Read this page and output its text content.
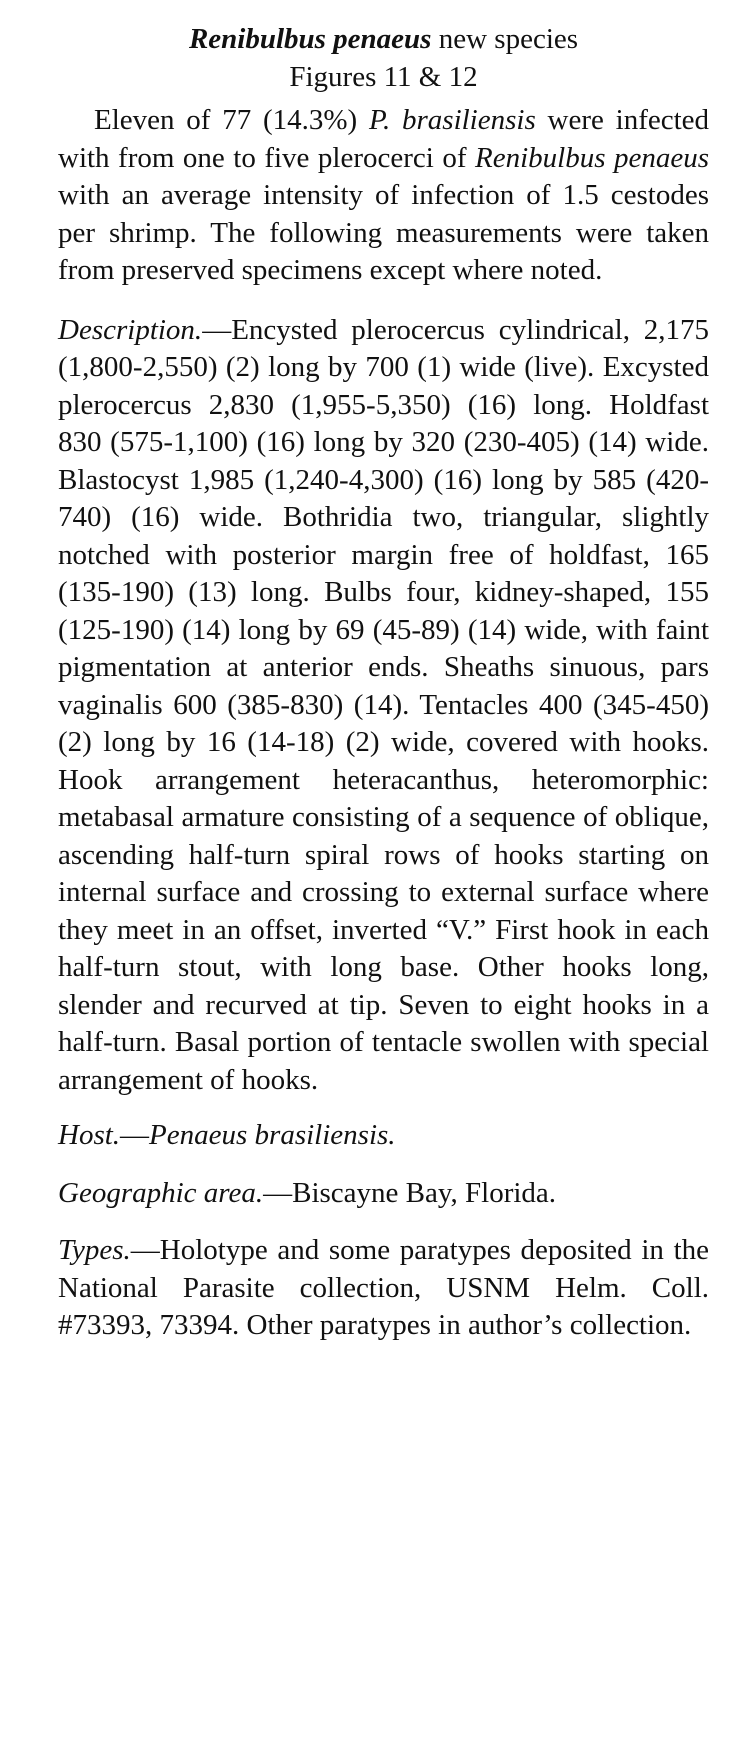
Renibulbus penaeus new species
Figures 11 & 12

Eleven of 77 (14.3%) P. brasiliensis were infected with from one to five plerocerci of Renibulbus penaeus with an average intensity of infection of 1.5 cestodes per shrimp. The following measurements were taken from preserved specimens except where noted.

Description.—Encysted plerocercus cylindrical, 2,175 (1,800-2,550) (2) long by 700 (1) wide (live). Excysted plerocercus 2,830 (1,955-5,350) (16) long. Holdfast 830 (575-1,100) (16) long by 320 (230-405) (14) wide. Blastocyst 1,985 (1,240-4,300) (16) long by 585 (420-740) (16) wide. Bothridia two, triangular, slightly notched with posterior margin free of holdfast, 165 (135-190) (13) long. Bulbs four, kidney-shaped, 155 (125-190) (14) long by 69 (45-89) (14) wide, with faint pigmentation at anterior ends. Sheaths sinuous, pars vaginalis 600 (385-830) (14). Tentacles 400 (345-450) (2) long by 16 (14-18) (2) wide, covered with hooks. Hook arrangement heteracanthus, heteromorphic: metabasal armature consisting of a sequence of oblique, ascending half-turn spiral rows of hooks starting on internal surface and crossing to external surface where they meet in an offset, inverted “V.” First hook in each half-turn stout, with long base. Other hooks long, slender and recurved at tip. Seven to eight hooks in a half-turn. Basal portion of tentacle swollen with special arrangement of hooks.

Host.—Penaeus brasiliensis.

Geographic area.—Biscayne Bay, Florida.

Types.—Holotype and some paratypes deposited in the National Parasite collection, USNM Helm. Coll. #73393, 73394. Other paratypes in author’s collection.
